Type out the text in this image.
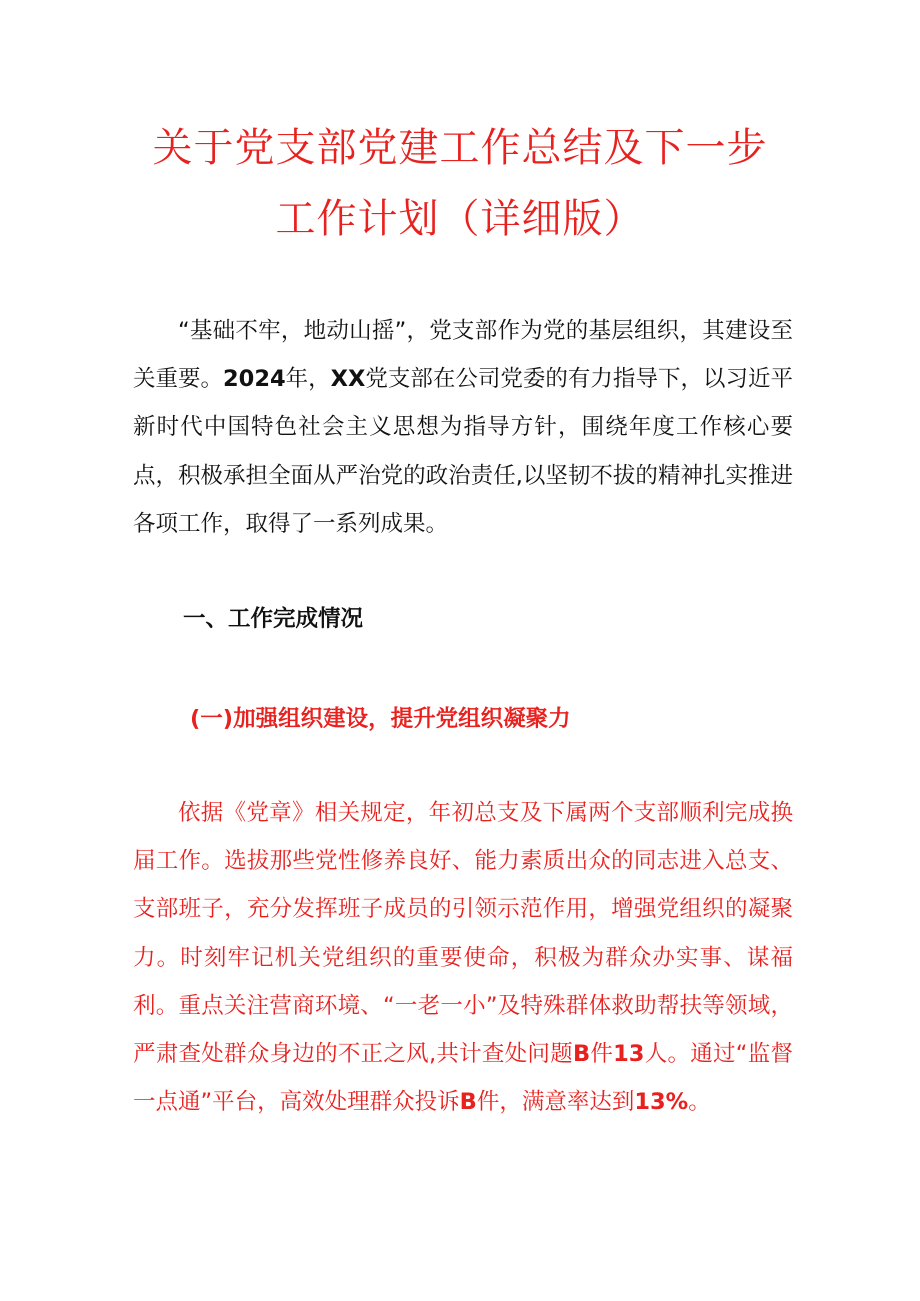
关于党支部党建工作总结及下一步
工作计划（详细版）

“基础不牢，地动山摇”，党支部作为党的基层组织，其建设至关重要。2024年，XX党支部在公司党委的有力指导下，以习近平新时代中国特色社会主义思想为指导方针，围绕年度工作核心要点，积极承担全面从严治党的政治责任,以坚韧不拔的精神扎实推进各项工作，取得了一系列成果。

一、工作完成情况
(一)加强组织建设，提升党组织凝聚力

依据《党章》相关规定，年初总支及下属两个支部顺利完成换届工作。选拔那些党性修养良好、能力素质出众的同志进入总支、支部班子，充分发挥班子成员的引领示范作用，增强党组织的凝聚力。时刻牢记机关党组织的重要使命，积极为群众办实事、谋福利。重点关注营商环境、“一老一小”及特殊群体救助帮扶等领域，严肃查处群众身边的不正之风,共计查处问题B件13人。通过“监督一点通”平台，高效处理群众投诉B件，满意率达到13%。
